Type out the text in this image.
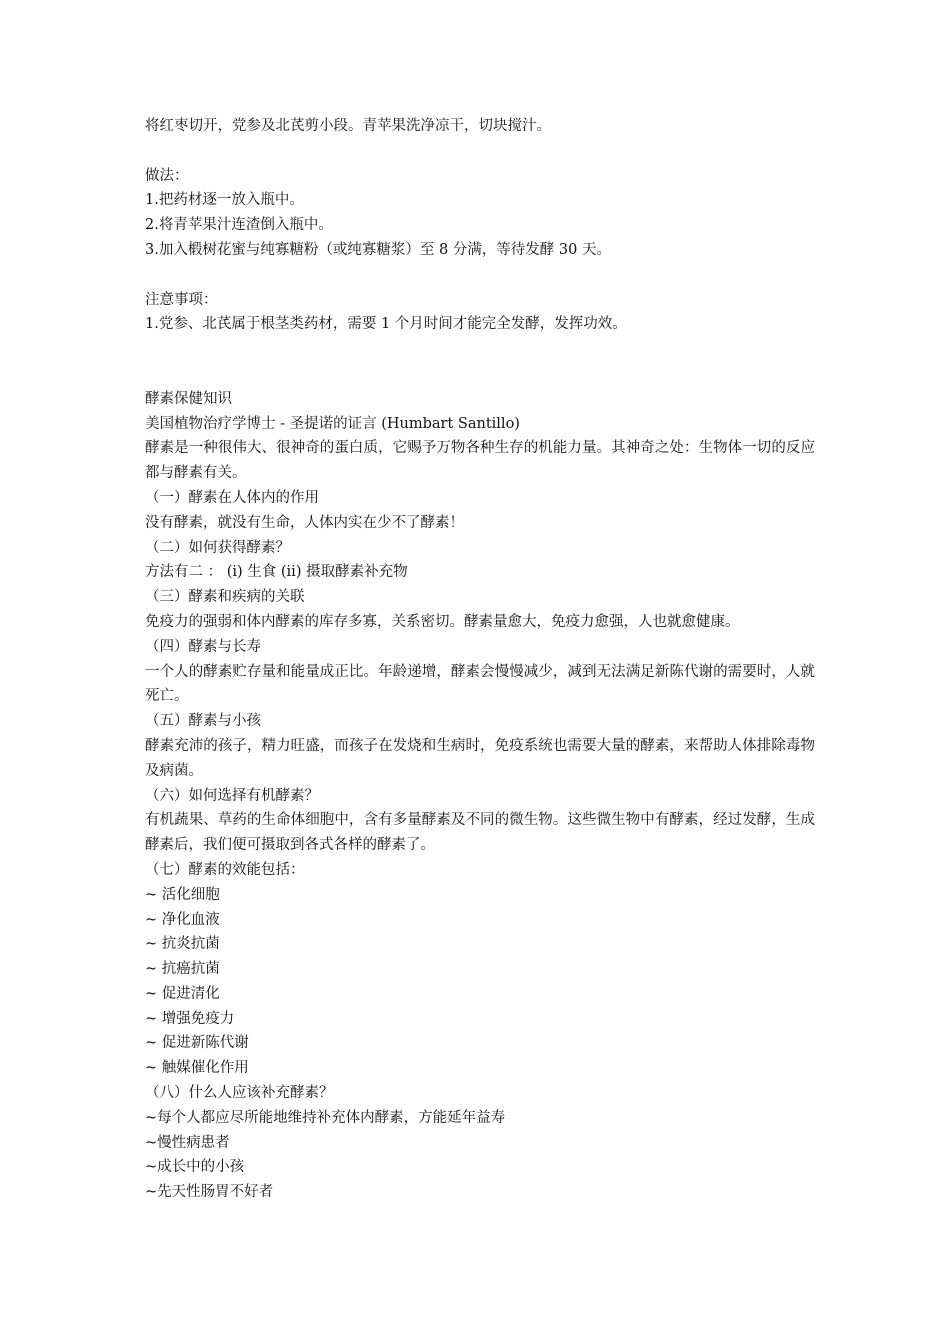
将红枣切开，党参及北芪剪小段。青苹果洗净凉干，切块搅汁。

做法：

1.把药材逐一放入瓶中。

2.将青苹果汁连渣倒入瓶中。

3.加入椴树花蜜与纯寡糖粉（或纯寡糖浆）至 8 分满，等待发酵 30 天。

注意事项：

1.党参、北芪属于根茎类药材，需要 1 个月时间才能完全发酵，发挥功效。

酵素保健知识

美国植物治疗学博士 - 圣提诺的证言 (Humbart Santillo)

酵素是一种很伟大、很神奇的蛋白质，它赐予万物各种生存的机能力量。其神奇之处：生物体一切的反应都与酵素有关。

（一）酵素在人体内的作用

没有酵素，就没有生命，人体内实在少不了酵素！

（二）如何获得酵素？

方法有二 ： (i) 生食 (ii) 摄取酵素补充物

（三）酵素和疾病的关联

免疫力的强弱和体内酵素的库存多寡，关系密切。酵素量愈大，免疫力愈强，人也就愈健康。

（四）酵素与长寿

一个人的酵素贮存量和能量成正比。年龄递增，酵素会慢慢减少，减到无法满足新陈代谢的需要时，人就死亡。

（五）酵素与小孩

酵素充沛的孩子，精力旺盛，而孩子在发烧和生病时，免疫系统也需要大量的酵素，来帮助人体排除毒物及病菌。

（六）如何选择有机酵素？

有机蔬果、草药的生命体细胞中，含有多量酵素及不同的微生物。这些微生物中有酵素，经过发酵，生成酵素后，我们便可摄取到各式各样的酵素了。

（七）酵素的效能包括：

~ 活化细胞

~ 净化血液

~ 抗炎抗菌

~ 抗癌抗菌

~ 促进清化

~ 增强免疫力

~ 促进新陈代谢

~ 触媒催化作用

（八）什么人应该补充酵素？

~每个人都应尽所能地维持补充体内酵素，方能延年益寿

~慢性病患者

~成长中的小孩

~先天性肠胃不好者
